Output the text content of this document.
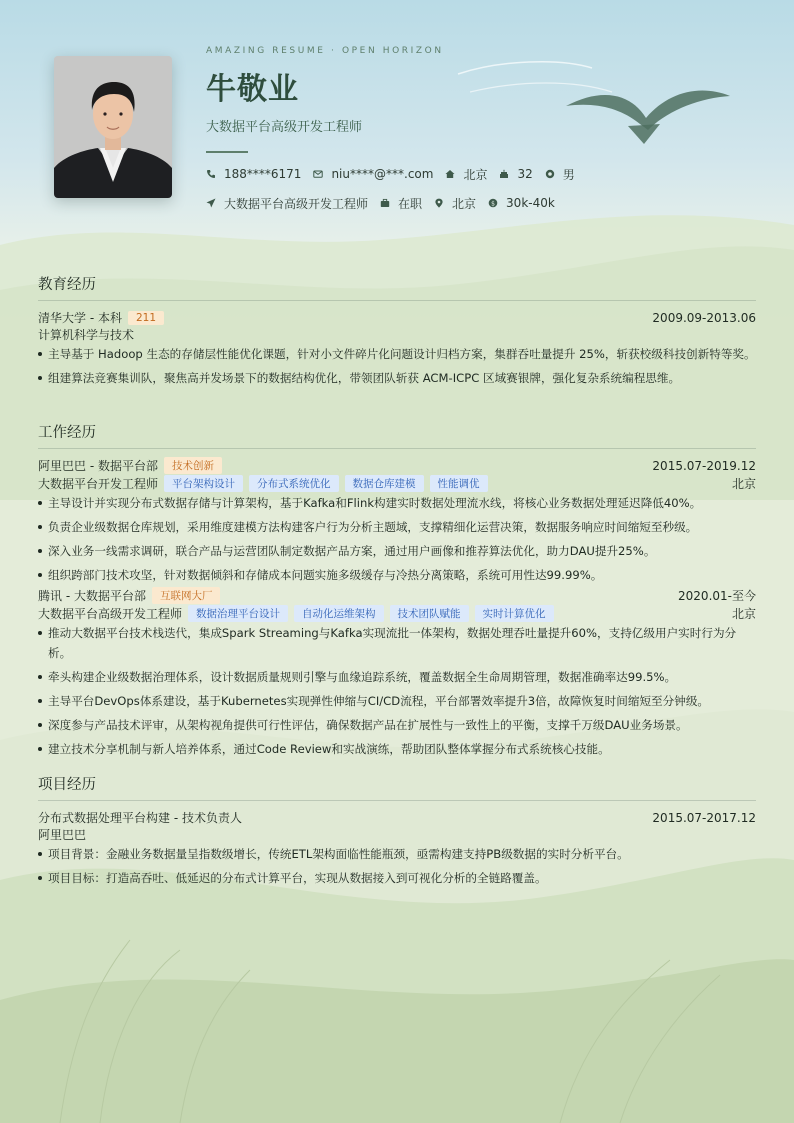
AMAZING RESUME · OPEN HORIZON
牛敬业
大数据平台高级开发工程师
188****6171	niu****@***.com	北京	32	男
大数据平台高级开发工程师	在职	北京	$ 30k-40k
教育经历
清华大学 - 本科	211	2009.09-2013.06
计算机科学与技术
主导基于 Hadoop 生态的存储层性能优化课题，针对小文件碎片化问题设计归档方案，集群吞吐量提升 25%，斩获校级科技创新特等奖。
组建算法竞赛集训队，聚焦高并发场景下的数据结构优化，带领团队斩获 ACM-ICPC 区域赛银牌，强化复杂系统编程思维。
工作经历
阿里巴巴 - 数据平台部	技术创新	2015.07-2019.12
大数据平台开发工程师	平台架构设计	分布式系统优化	数据仓库建模	性能调优	北京
主导设计并实现分布式数据存储与计算架构，基于Kafka和Flink构建实时数据处理流水线，将核心业务数据处理延迟降低40%。
负责企业级数据仓库规划，采用维度建模方法构建客户行为分析主题域，支撑精细化运营决策，数据服务响应时间缩短至秒级。
深入业务一线需求调研，联合产品与运营团队制定数据产品方案，通过用户画像和推荐算法优化，助力DAU提升25%。
组织跨部门技术攻坚，针对数据倾斜和存储成本问题实施多级缓存与冷热分离策略，系统可用性达99.99%。
腾讯 - 大数据平台部	互联网大厂	2020.01-至今
大数据平台高级开发工程师	数据治理平台设计	自动化运维架构	技术团队赋能	实时计算优化	北京
推动大数据平台技术栈迭代，集成Spark Streaming与Kafka实现流批一体架构，数据处理吞吐量提升60%，支持亿级用户实时行为分析。
牵头构建企业级数据治理体系，设计数据质量规则引擎与血缘追踪系统，覆盖数据全生命周期管理，数据准确率达99.5%。
主导平台DevOps体系建设，基于Kubernetes实现弹性伸缩与CI/CD流程，平台部署效率提升3倍，故障恢复时间缩短至分钟级。
深度参与产品技术评审，从架构视角提供可行性评估，确保数据产品在扩展性与一致性上的平衡，支撑千万级DAU业务场景。
建立技术分享机制与新人培养体系，通过Code Review和实战演练，帮助团队整体掌握分布式系统核心技能。
项目经历
分布式数据处理平台构建 - 技术负责人	2015.07-2017.12
阿里巴巴
项目背景：金融业务数据量呈指数级增长，传统ETL架构面临性能瓶颈，亟需构建支持PB级数据的实时分析平台。
项目目标：打造高吞吐、低延迟的分布式计算平台，实现从数据接入到可视化分析的全链路覆盖。
